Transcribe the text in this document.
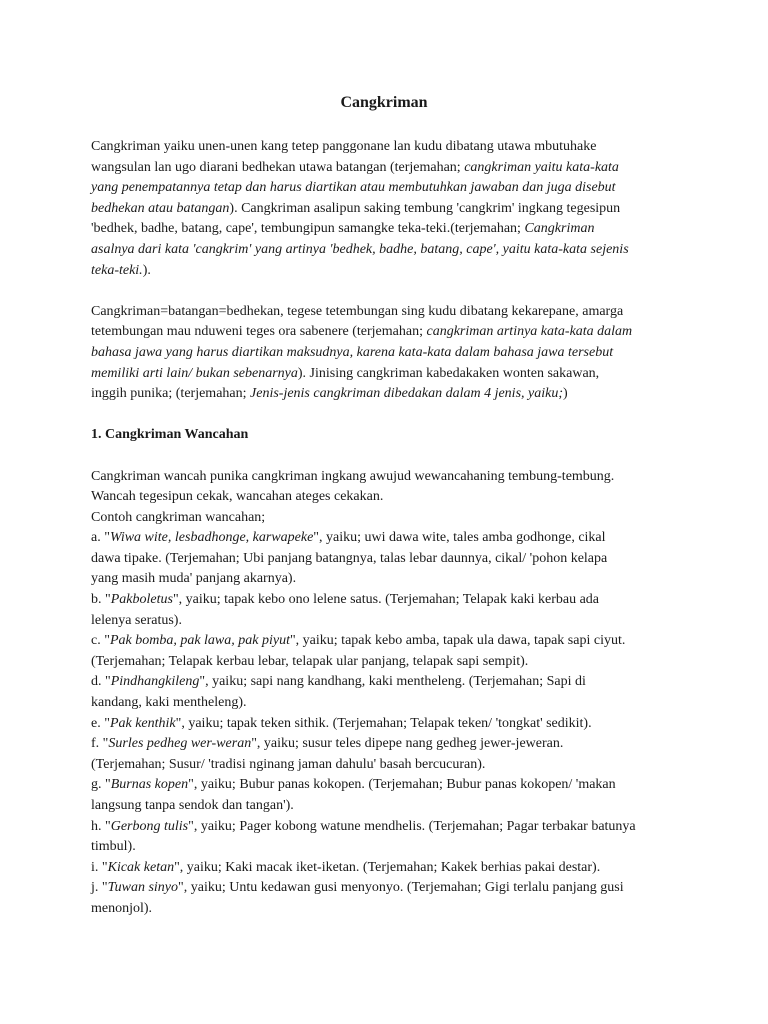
Cangkriman
Cangkriman yaiku unen-unen kang tetep panggonane lan kudu dibatang utawa mbutuhake
wangsulan lan ugo diarani bedhekan utawa batangan (terjemahan; cangkriman yaitu kata-kata
yang penempatannya tetap dan harus diartikan atau membutuhkan jawaban dan juga disebut
bedhekan atau batangan). Cangkriman asalipun saking tembung 'cangkrim' ingkang tegesipun
'bedhek, badhe, batang, cape', tembungipun samangke teka-teki.(terjemahan; Cangkriman
asalnya dari kata 'cangkrim' yang artinya 'bedhek, badhe, batang, cape', yaitu kata-kata sejenis
teka-teki.).
Cangkriman=batangan=bedhekan, tegese tetembungan sing kudu dibatang kekarepane, amarga
tetembungan mau nduweni teges ora sabenere (terjemahan; cangkriman artinya kata-kata dalam
bahasa jawa yang harus diartikan maksudnya, karena kata-kata dalam bahasa jawa tersebut
memiliki arti lain/ bukan sebenarnya). Jinising cangkriman kabedakaken wonten sakawan,
inggih punika; (terjemahan; Jenis-jenis cangkriman dibedakan dalam 4 jenis, yaiku;)
1. Cangkriman Wancahan
Cangkriman wancah punika cangkriman ingkang awujud wewancahaning tembung-tembung.
Wancah tegesipun cekak, wancahan ateges cekakan.
Contoh cangkriman wancahan;
a. "Wiwa wite, lesbadhonge, karwapeke", yaiku; uwi dawa wite, tales amba godhonge, cikal
dawa tipake. (Terjemahan; Ubi panjang batangnya, talas lebar daunnya, cikal/ 'pohon kelapa
yang masih muda' panjang akarnya).
b. "Pakboletus", yaiku; tapak kebo ono lelene satus. (Terjemahan; Telapak kaki kerbau ada
lelenya seratus).
c. "Pak bomba, pak lawa, pak piyut", yaiku; tapak kebo amba, tapak ula dawa, tapak sapi ciyut.
(Terjemahan; Telapak kerbau lebar, telapak ular panjang, telapak sapi sempit).
d. "Pindhangkileng", yaiku; sapi nang kandhang, kaki mentheleng. (Terjemahan; Sapi di
kandang, kaki mentheleng).
e. "Pak kenthik", yaiku; tapak teken sithik. (Terjemahan; Telapak teken/ 'tongkat' sedikit).
f. "Surles pedheg wer-weran", yaiku; susur teles dipepe nang gedheg jewer-jeweran.
(Terjemahan; Susur/ 'tradisi nginang jaman dahulu' basah bercucuran).
g. "Burnas kopen", yaiku; Bubur panas kokopen. (Terjemahan; Bubur panas kokopen/ 'makan
langsung tanpa sendok dan tangan').
h. "Gerbong tulis", yaiku; Pager kobong watune mendhelis. (Terjemahan; Pagar terbakar batunya
timbul).
i. "Kicak ketan", yaiku; Kaki macak iket-iketan. (Terjemahan; Kakek berhias pakai destar).
j. "Tuwan sinyo", yaiku; Untu kedawan gusi menyonyo. (Terjemahan; Gigi terlalu panjang gusi
menonjol).
